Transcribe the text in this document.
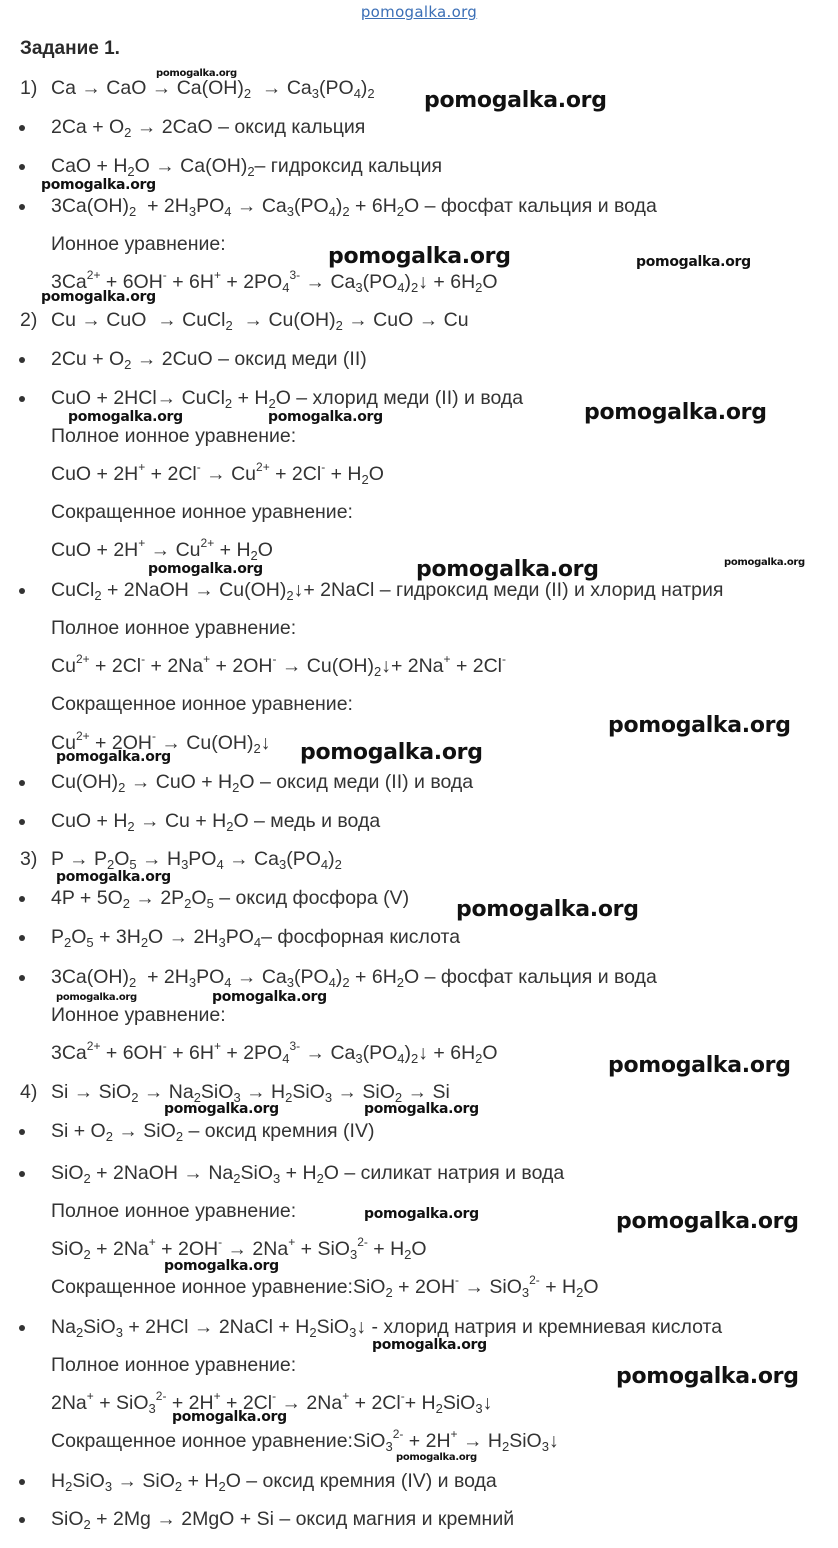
pomogalka.org
Задание 1.
1) Ca → CaO → $Ca(OH)_2 \to Ca_3(PO_4)_2$
$2Ca + O_2 \to 2CaO$ – оксид кальция
CaO + $H_2O \to Ca(OH)_2-$ гидроксид кальция
$3Ca(OH)_2 + 2H_3PO_4 \to Ca_3(PO_4)_2 + 6H_2O$ – фосфат кальция и вода
Ионное уравнение:
$3Ca^{2+} + 6OH^- + 6H^+ + 2PO_4^{3-}$ → $Ca_3(PO_4)_2↓ + 6H_2O$
2) Cu → CuO  → CuCl$_2$  → $Cu(OH)_2$ → CuO → Cu
$2Cu + O_2 \to 2CuO$ – оксид меди (II)
CuO + 2HCl→ CuCl$_2$ + $H_2O$ – хлорид меди (II) и вода
Полное ионное уравнение:
CuO + $2H^+ + 2Cl^- \to Cu^{2+} + 2Cl^- + H_2O$
Сокращенное ионное уравнение:
CuO + $2H^+ \to Cu^{2+} + H_2O$
CuCl$_2$ + 2NaOH → $Cu(OH)_2↓+$ 2NaCl – гидроксид меди (II) и хлорид натрия
Полное ионное уравнение:
$Cu^{2+} + 2Cl^- + 2Na^+ + 2OH^-$ → $Cu(OH)_2↓+ 2Na^+ + 2Cl^-$
Сокращенное ионное уравнение:
$Cu^{2+} + 2OH^-$ → $Cu(OH)_2↓$
$Cu(OH)_2$ → CuO + $H_2O$ – оксид меди (II) и вода
CuO + $H_2 \to Cu + H_2O$ – медь и вода
3) $P \to P_2O_5 \to H_3PO_4 \to Ca_3(PO_4)_2$
$4P + 5O_2 \to 2P_2O_5$ – оксид фосфора (V)
$P_2O_5 + 3H_2O \to 2H_3PO_4-$ фосфорная кислота
$3Ca(OH)_2 + 2H_3PO_4 \to Ca_3(PO_4)_2 + 6H_2O$ – фосфат кальция и вода
Ионное уравнение:
$3Ca^{2+} + 6OH^- + 6H^+ + 2PO_4^{3-}$ → $Ca_3(PO_4)_2↓ + 6H_2O$
4) $Si \to SiO_2 \to Na_2SiO_3 \to H_2SiO_3 \to SiO_2 \to Si$
$Si + O_2 \to SiO_2$ – оксид кремния (IV)
SiO$_2$ + 2NaOH → $Na_2SiO_3 + H_2O$ – силикат натрия и вода
Полное ионное уравнение:
$SiO_2 + 2Na^+ + 2OH^- \to 2Na^+ + SiO_3^{2-} + H_2O$
Сокращенное ионное уравнение:SiO$_2$ + $2OH^- \to SiO_3^{2-} + H_2O$
$Na_2SiO_3 + 2HCl$ → 2NaCl + $H_2SiO_3↓$ - хлорид натрия и кремниевая кислота
Полное ионное уравнение:
$2Na^+ + SiO_3^{2-} + 2H^+ + 2Cl^- \to 2Na^+ + 2Cl^-+ H_2SiO_3↓$
Сокращенное ионное уравнение:SiO$_3^{2-}$ + $2H^+ \to H_2SiO_3↓$
$H_2SiO_3 \to SiO_2 + H_2O$ – оксид кремния (IV) и вода
SiO$_2$ + 2Mg → 2MgO + Si – оксид магния и кремний
pomogalka.org
pomogalka.org
pomogalka.org
pomogalka.org	pomogalka.org
pomogalka.org
pomogalka.org	pomogalka.org	pomogalka.org
pomogalka.org	pomogalka.org	pomogalka.org
pomogalka.org
pomogalka.org	pomogalka.org
pomogalka.org
pomogalka.org
pomogalka.org	pomogalka.org
pomogalka.org
pomogalka.org	pomogalka.org
pomogalka.org	pomogalka.org
pomogalka.org
pomogalka.org
pomogalka.org
pomogalka.org
pomogalka.org
